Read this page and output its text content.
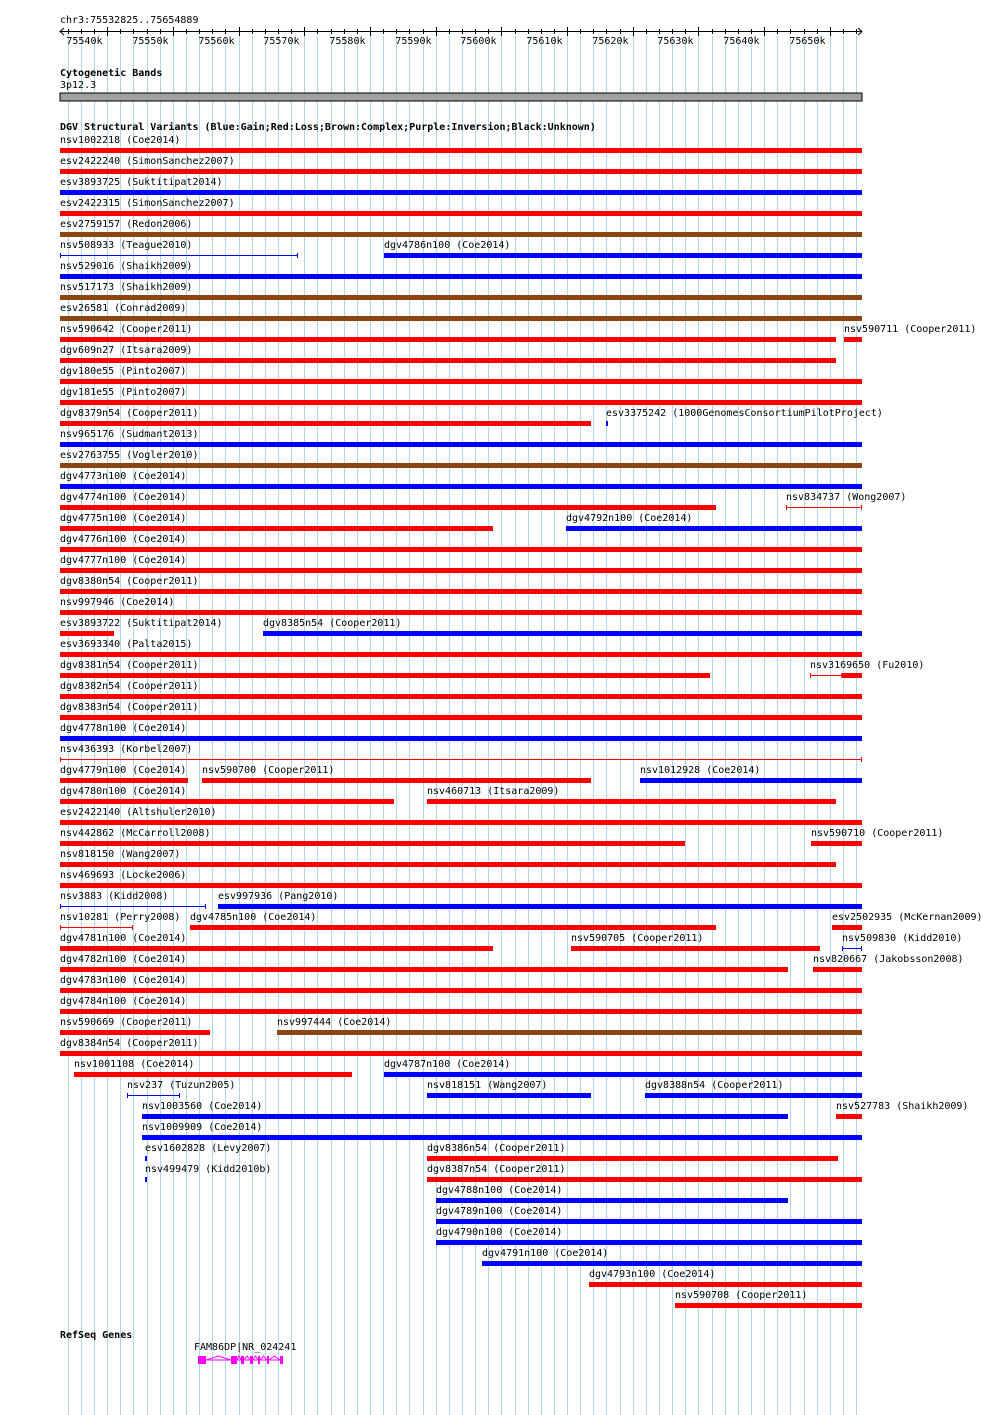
75540k	75550k	75560k	75570k	75580k	75590k	75600k	75610k	75620k	75630k	75640k	75650k
chr3:75532825..75654889
Cytogenetic Bands
3p12.3
DGV Structural Variants (Blue:Gain;Red:Loss;Brown:Complex;Purple:Inversion;Black:Unknown)
nsv1002218 (Coe2014)
esv2422240 (SimonSanchez2007)
esv3893725 (Suktitipat2014)
esv2422315 (SimonSanchez2007)
esv2759157 (Redon2006)
nsv508933 (Teague2010)	dgv4786n100 (Coe2014)
nsv529016 (Shaikh2009)
nsv517173 (Shaikh2009)
esv26581 (Conrad2009)
nsv590642 (Cooper2011)	nsv590711 (Cooper2011)
dgv609n27 (Itsara2009)
dgv180e55 (Pinto2007)
dgv181e55 (Pinto2007)
dgv8379n54 (Cooper2011)	esv3375242 (1000GenomesConsortiumPilotProject)
nsv965176 (Sudmant2013)
esv2763755 (Vogler2010)
dgv4773n100 (Coe2014)
dgv4774n100 (Coe2014)	nsv834737 (Wong2007)
dgv4775n100 (Coe2014)	dgv4792n100 (Coe2014)
dgv4776n100 (Coe2014)
dgv4777n100 (Coe2014)
dgv8380n54 (Cooper2011)
nsv997946 (Coe2014)
esv3893722 (Suktitipat2014)	dgv8385n54 (Cooper2011)
esv3693340 (Palta2015)
dgv8381n54 (Cooper2011)	nsv3169650 (Fu2010)
dgv8382n54 (Cooper2011)
dgv8383n54 (Cooper2011)
dgv4778n100 (Coe2014)
nsv436393 (Korbel2007)
dgv4779n100 (Coe2014) nsv590700 (Cooper2011)	nsv1012928 (Coe2014)
dgv4780n100 (Coe2014)	nsv460713 (Itsara2009)
esv2422140 (Altshuler2010)
nsv442862 (McCarroll2008)	nsv590710 (Cooper2011)
nsv818150 (Wang2007)
nsv469693 (Locke2006)
nsv3883 (Kidd2008)	esv997936 (Pang2010)
nsv10281 (Perry2008) dgv4785n100 (Coe2014)	esv2502935 (McKernan2009)
dgv4781n100 (Coe2014)	nsv590705 (Cooper2011)	nsv509830 (Kidd2010)
dgv4782n100 (Coe2014)	nsv820667 (Jakobsson2008)
dgv4783n100 (Coe2014)
dgv4784n100 (Coe2014)
nsv590669 (Cooper2011)	nsv997444 (Coe2014)
dgv8384n54 (Cooper2011)
nsv1001108 (Coe2014)	dgv4787n100 (Coe2014)
nsv237 (Tuzun2005)	nsv818151 (Wang2007)	dgv8388n54 (Cooper2011)
nsv1003560 (Coe2014)	nsv527783 (Shaikh2009)
nsv1009909 (Coe2014)
esv1602828 (Levy2007)	dgv8386n54 (Cooper2011)
nsv499479 (Kidd2010b)	dgv8387n54 (Cooper2011)
dgv4788n100 (Coe2014)
dgv4789n100 (Coe2014)
dgv4790n100 (Coe2014)
dgv4791n100 (Coe2014)
dgv4793n100 (Coe2014)
nsv590708 (Cooper2011)
RefSeq Genes
FAM86DP|NR_024241
